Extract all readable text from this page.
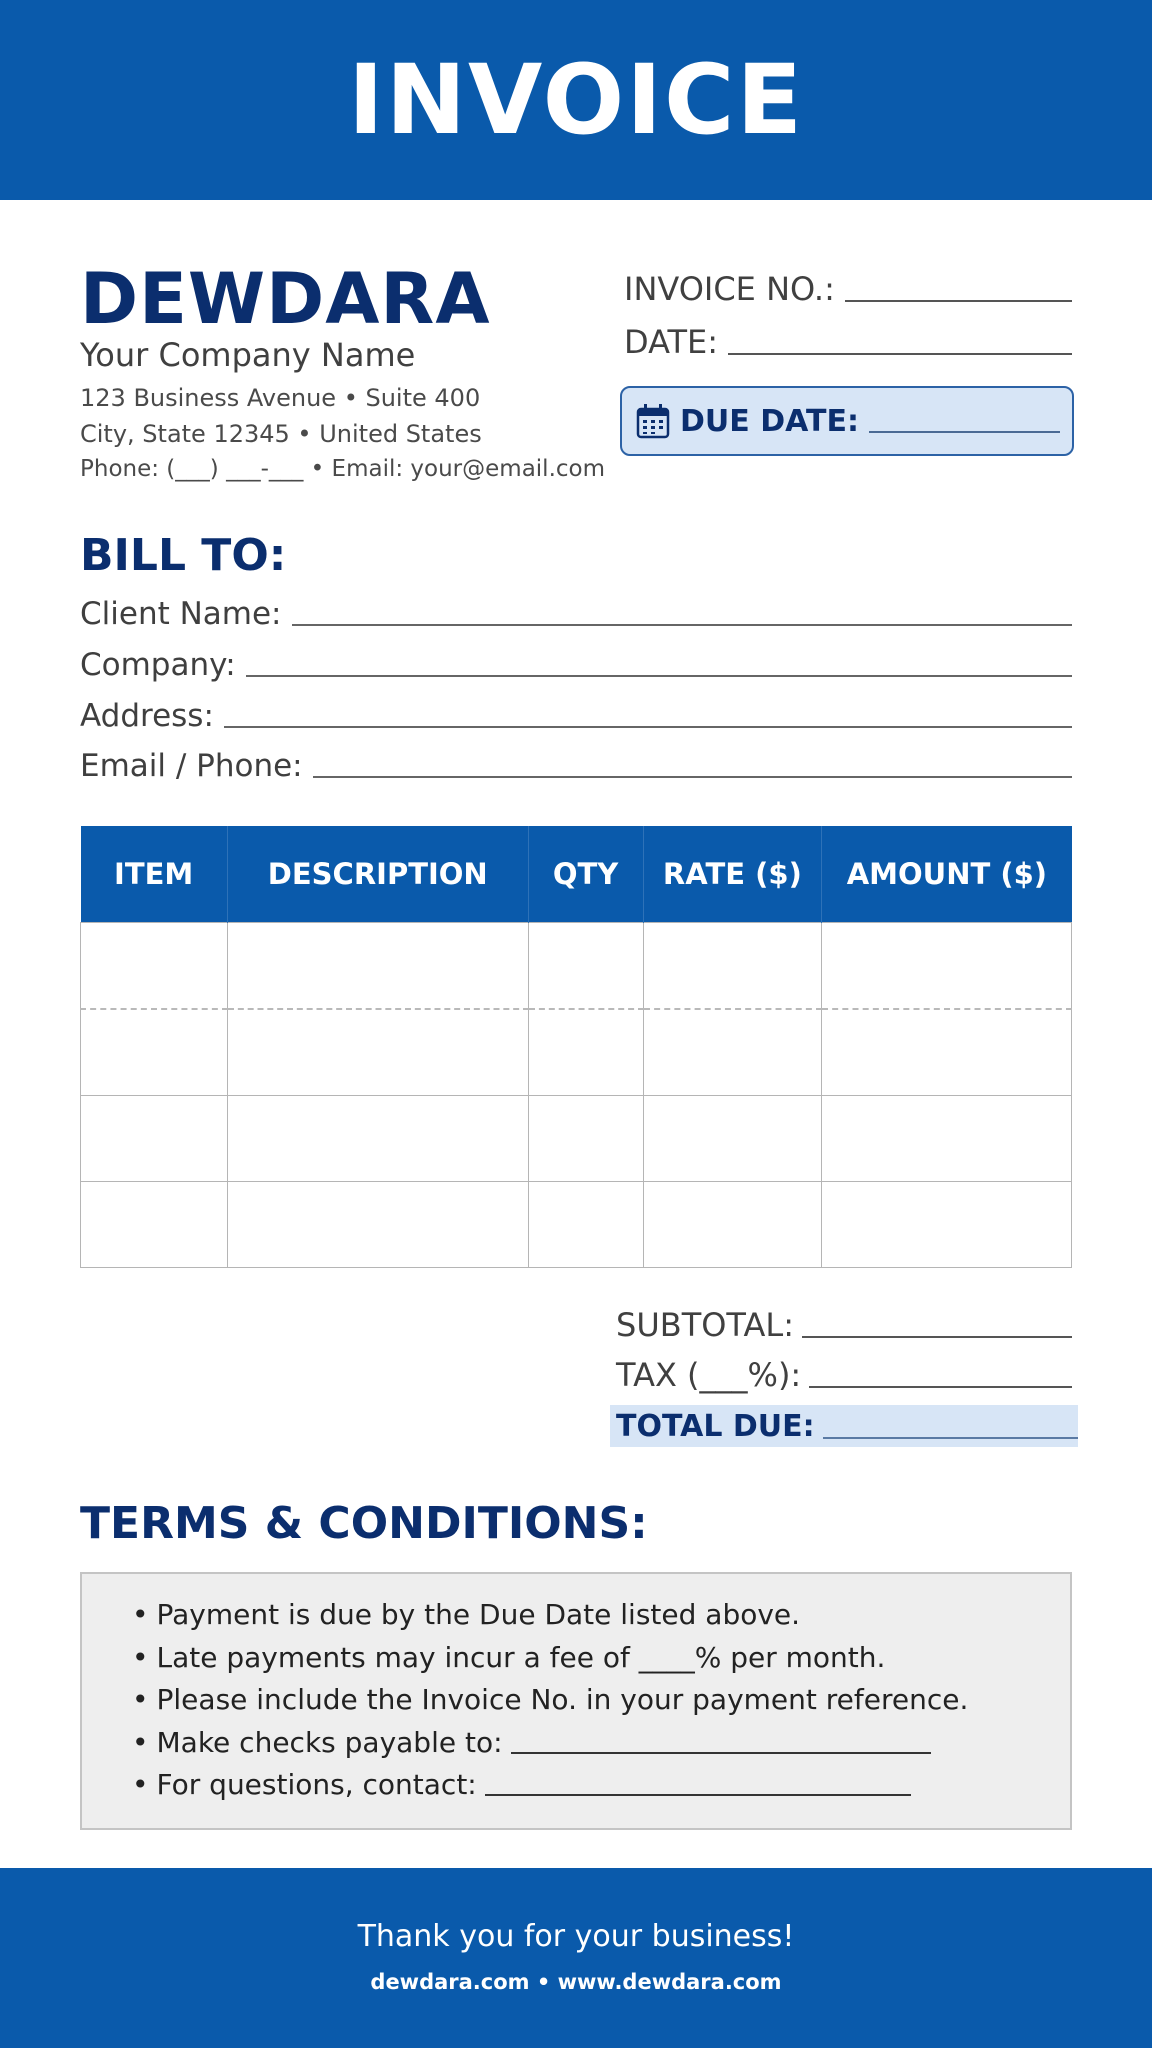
INVOICE
DEWDARA
Your Company Name
123 Business Avenue • Suite 400
City, State 12345 • United States
Phone: (___) ___-___ • Email: your@email.com
INVOICE NO.:
DATE:
DUE DATE:
BILL TO:
Client Name:
Company:
Address:
Email / Phone:
ITEM	DESCRIPTION	QTY	RATE ($)	AMOUNT ($)

SUBTOTAL:
TAX (___%):
TOTAL DUE:
TERMS & CONDITIONS:
• Payment is due by the Due Date listed above.
• Late payments may incur a fee of ____% per month.
• Please include the Invoice No. in your payment reference.
• Make checks payable to:
• For questions, contact:
Thank you for your business!
dewdara.com • www.dewdara.com
